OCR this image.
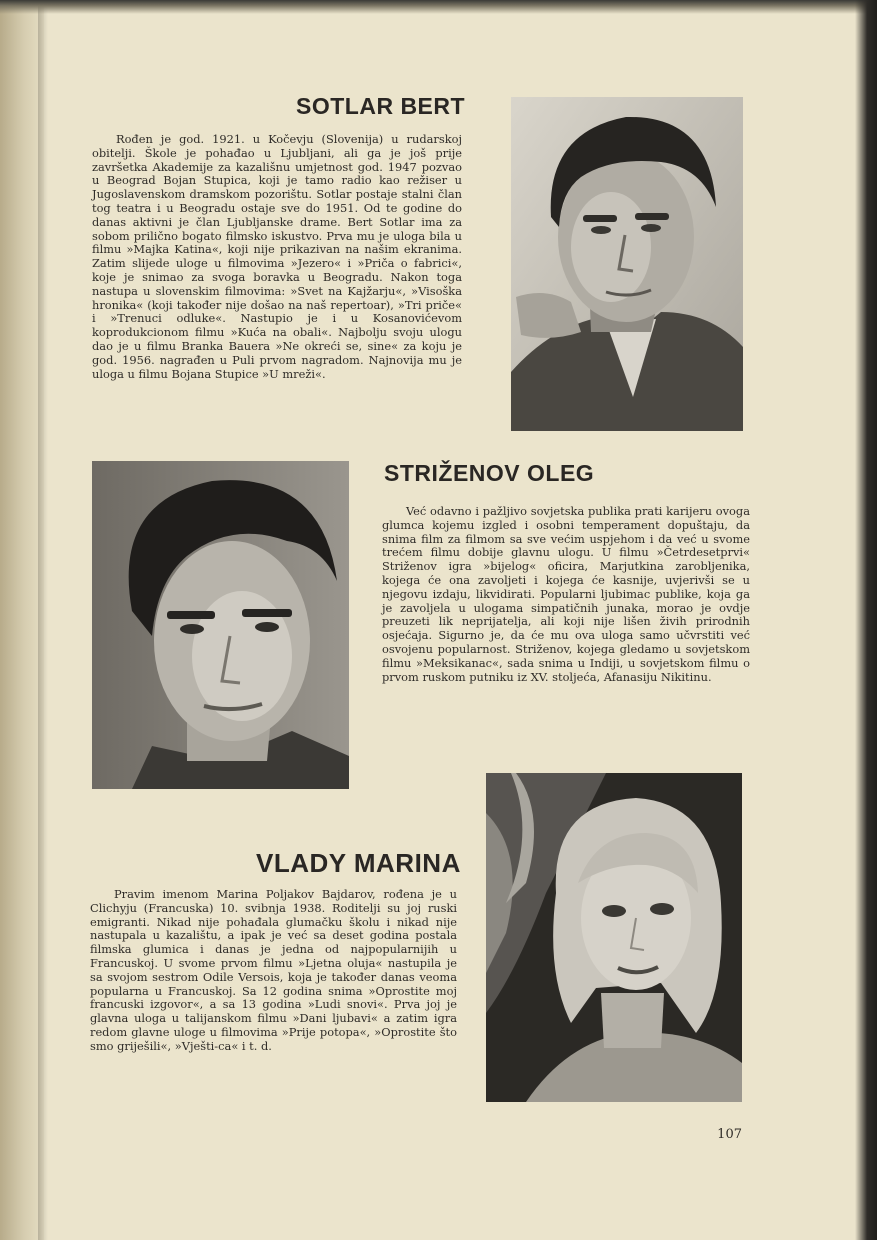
SOTLAR BERT

Rođen je god. 1921. u Kočevju (Slovenija) u rudarskoj obitelji. Škole je pohađao u Ljubljani, ali ga je još prije završetka Akademije za kazališnu umjetnost god. 1947 pozvao u Beograd Bojan Stupica, koji je tamo radio kao režiser u Jugoslavenskom dramskom pozorištu. Sotlar postaje stalni član tog teatra i u Beogradu ostaje sve do 1951. Od te godine do danas aktivni je član Ljubljanske drame. Bert Sotlar ima za sobom prilično bogato filmsko iskustvo. Prva mu je uloga bila u filmu »Majka Katina«, koji nije prikazivan na našim ekranima. Zatim slijede uloge u filmovima »Jezero« i »Priča o fabrici«, koje je snimao za svoga boravka u Beogradu. Nakon toga nastupa u slovenskim filmovima: »Svet na Kajžarju«, »Visoška hronika« (koji također nije došao na naš repertoar), »Tri priče« i »Trenuci odluke«. Nastupio je i u Kosanovićevom koprodukcionom filmu »Kuća na obali«. Najbolju svoju ulogu dao je u filmu Branka Bauera »Ne okreći se, sine« za koju je god. 1956. nagrađen u Puli prvom nagradom. Najnovija mu je uloga u filmu Bojana Stupice »U mreži«.

STRIŽENOV OLEG

Već odavno i pažljivo sovjetska publika prati karijeru ovoga glumca kojemu izgled i osobni temperament dopuštaju, da snima film za filmom sa sve većim uspjehom i da već u svome trećem filmu dobije glavnu ulogu. U filmu »Četrdesetprvi« Striženov igra »bijelog« oficira, Marjutkina zarobljenika, kojega će ona zavoljeti i kojega će kasnije, uvjerivši se u njegovu izdaju, likvidirati. Popularni ljubimac publike, koja ga je zavoljela u ulogama simpatičnih junaka, morao je ovdje preuzeti lik neprijatelja, ali koji nije lišen živih prirodnih osjećaja. Sigurno je, da će mu ova uloga samo učvrstiti već osvojenu popularnost. Striženov, kojega gledamo u sovjetskom filmu »Meksikanac«, sada snima u Indiji, u sovjetskom filmu o prvom ruskom putniku iz XV. stoljeća, Afanasiju Nikitinu.

VLADY MARINA

Pravim imenom Marina Poljakov Bajdarov, rođena je u Clichyju (Francuska) 10. svibnja 1938. Roditelji su joj ruski emigranti. Nikad nije pohađala glumačku školu i nikad nije nastupala u kazalištu, a ipak je već sa deset godina postala filmska glumica i danas je jedna od najpopularnijih u Francuskoj. U svome prvom filmu »Ljetna oluja« nastupila je sa svojom sestrom Odile Versois, koja je također danas veoma popularna u Francuskoj. Sa 12 godina snima »Oprostite moj francuski izgovor«, a sa 13 godina »Ludi snovi«. Prva joj je glavna uloga u talijanskom filmu »Dani ljubavi« a zatim igra redom glavne uloge u filmovima »Prije potopa«, »Oprostite što smo griješili«, »Vješti-ca« i t. d.

107
